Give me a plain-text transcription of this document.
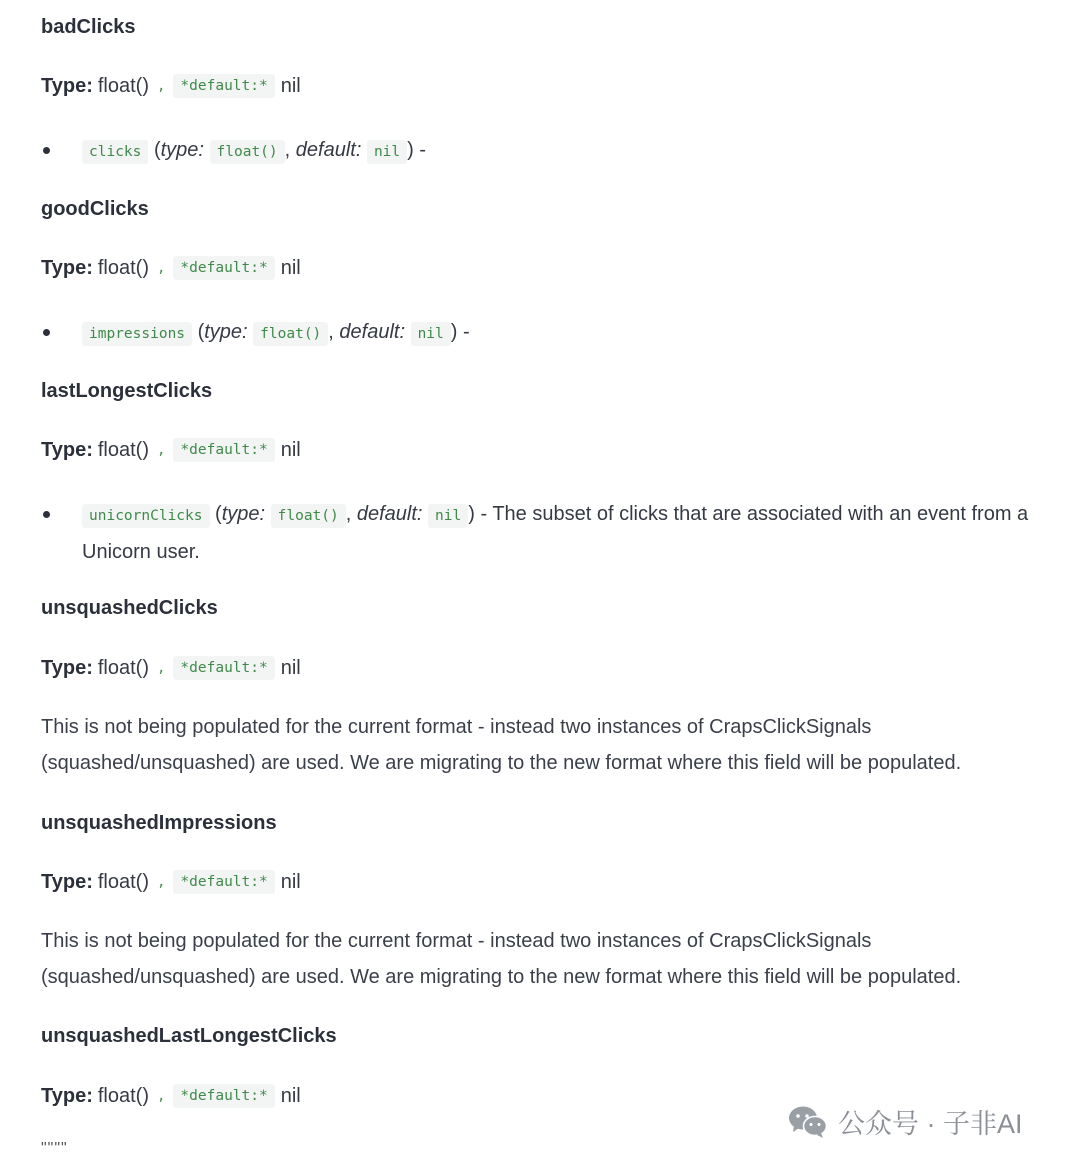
badClicks
Type: float() ,	*default:* nil
clicks (type: float() , default: nil ) -
goodClicks
Type: float() ,	*default:* nil
impressions (type: float() , default: nil ) -
lastLongestClicks
Type: float() ,	*default:* nil
unicornClicks (type: float() , default: nil ) - The subset of clicks that are associated with an event from a Unicorn user.
unsquashedClicks
Type: float() ,	*default:* nil
This is not being populated for the current format - instead two instances of CrapsClickSignals (squashed/unsquashed) are used. We are migrating to the new format where this field will be populated.
unsquashedImpressions
Type: float() ,	*default:* nil
This is not being populated for the current format - instead two instances of CrapsClickSignals (squashed/unsquashed) are used. We are migrating to the new format where this field will be populated.
unsquashedLastLongestClicks
Type: float() ,	*default:* nil
""""
公众号 · 子非AI
